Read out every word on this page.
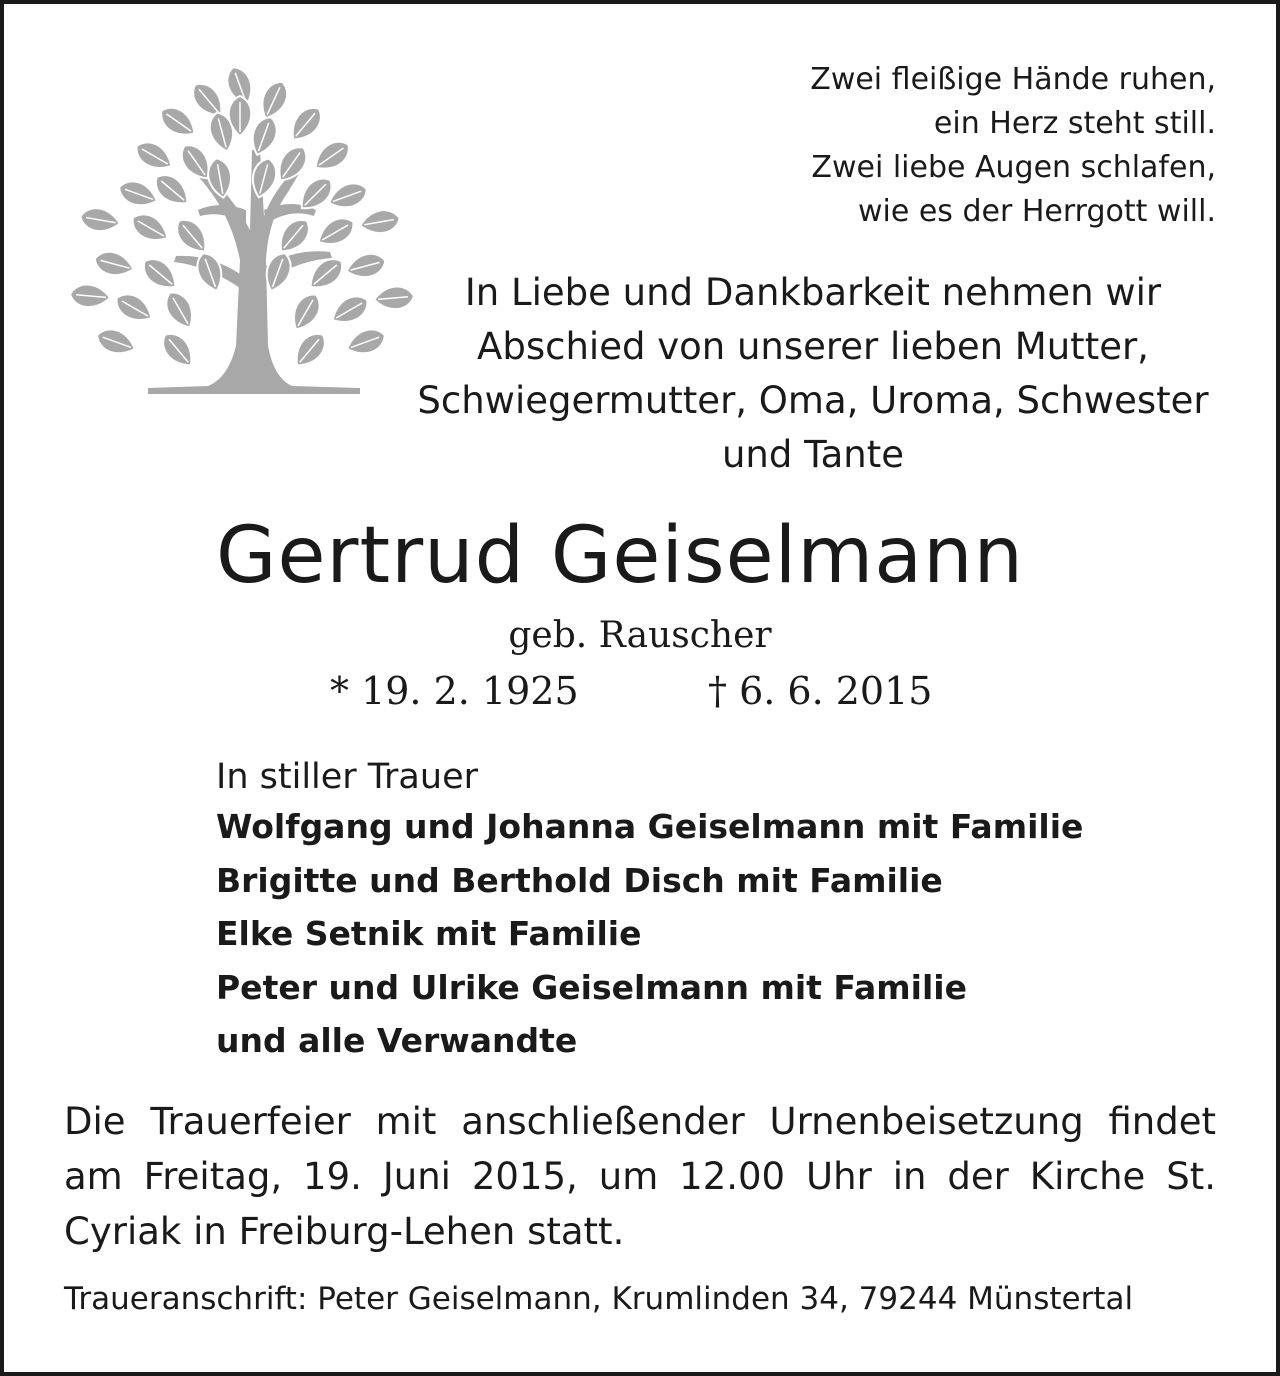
Zwei fleißige Hände ruhen,
ein Herz steht still.
Zwei liebe Augen schlafen,
wie es der Herrgott will.
In Liebe und Dankbarkeit nehmen wir
Abschied von unserer lieben Mutter,
Schwiegermutter, Oma, Uroma, Schwester
und Tante
Gertrud Geiselmann
geb. Rauscher
* 19. 2. 1925	† 6. 6. 2015
In stiller Trauer
Wolfgang und Johanna Geiselmann mit Familie
Brigitte und Berthold Disch mit Familie
Elke Setnik mit Familie
Peter und Ulrike Geiselmann mit Familie
und alle Verwandte
Die Trauerfeier mit anschließender Urnenbeisetzung findet am Freitag, 19. Juni 2015, um 12.00 Uhr in der Kirche St. Cyriak in Freiburg-Lehen statt.
Traueranschrift: Peter Geiselmann, Krumlinden 34, 79244 Münstertal
